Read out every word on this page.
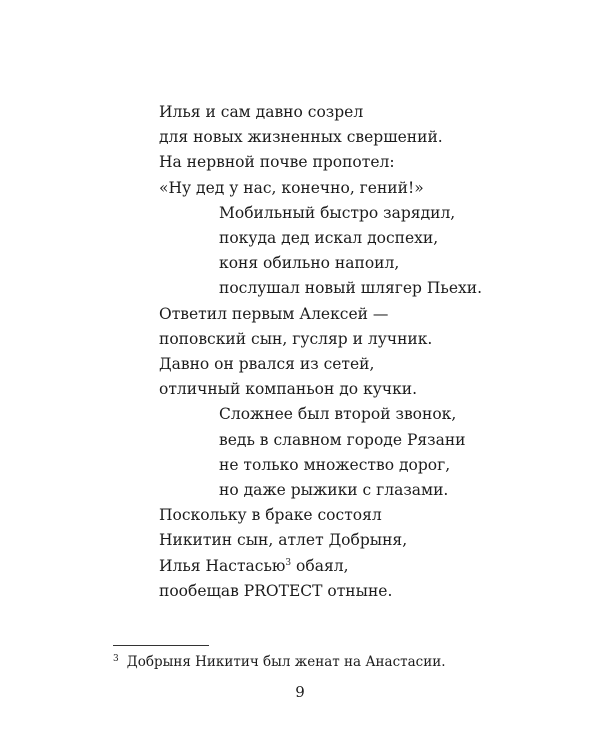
Илья и сам давно созрел
для новых жизненных свершений.
На нервной почве пропотел:
«Ну дед у нас, конечно, гений!»
Мобильный быстро зарядил,
покуда дед искал доспехи,
коня обильно напоил,
послушал новый шлягер Пьехи.
Ответил первым Алексей —
поповский сын, гусляр и лучник.
Давно он рвался из сетей,
отличный компаньон до кучки.
Сложнее был второй звонок,
ведь в славном городе Рязани
не только множество дорог,
но даже рыжики с глазами.
Поскольку в браке состоял
Никитин сын, атлет Добрыня,
Илья Настасью$^3$ обаял,
пообещав PROTECT отныне.
$^3$ Добрыня Никитич был женат на Анастасии.
9
